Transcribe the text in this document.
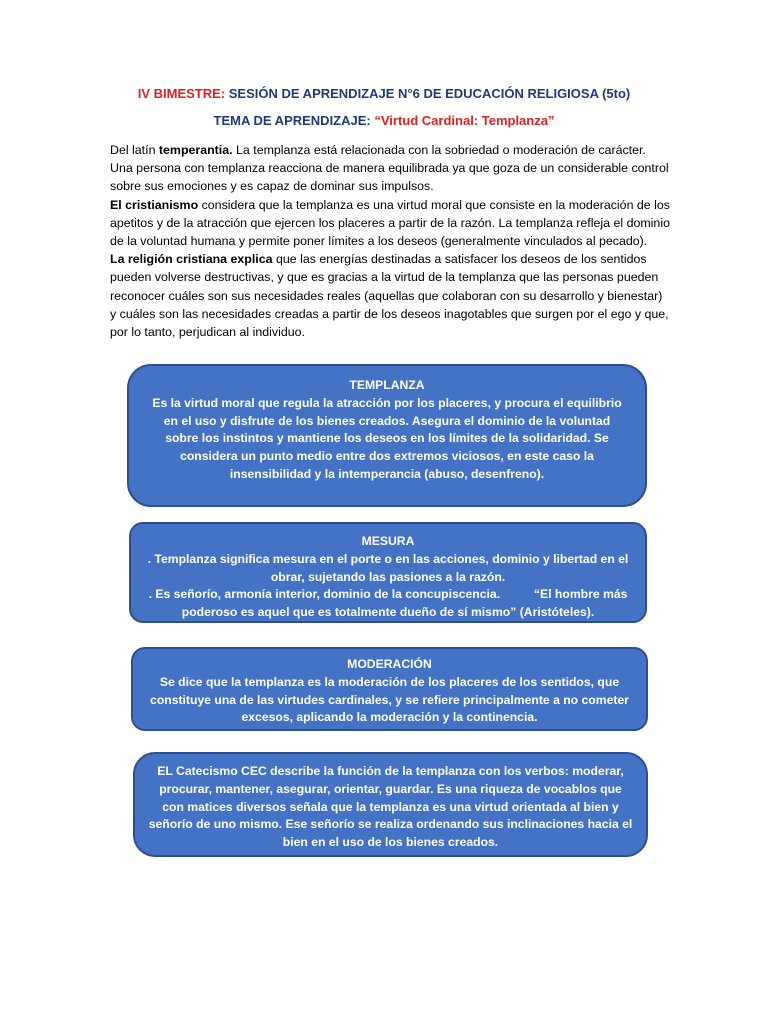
IV BIMESTRE: SESIÓN DE APRENDIZAJE N°6 DE EDUCACIÓN RELIGIOSA (5to)
TEMA DE APRENDIZAJE: “Virtud Cardinal: Templanza”

Del latín temperantia. La templanza está relacionada con la sobriedad o moderación de carácter. Una persona con templanza reacciona de manera equilibrada ya que goza de un considerable control sobre sus emociones y es capaz de dominar sus impulsos.

El cristianismo considera que la templanza es una virtud moral que consiste en la moderación de los apetitos y de la atracción que ejercen los placeres a partir de la razón. La templanza refleja el dominio de la voluntad humana y permite poner límites a los deseos (generalmente vinculados al pecado).

La religión cristiana explica que las energías destinadas a satisfacer los deseos de los sentidos pueden volverse destructivas, y que es gracias a la virtud de la templanza que las personas pueden reconocer cuáles son sus necesidades reales (aquellas que colaboran con su desarrollo y bienestar) y cuáles son las necesidades creadas a partir de los deseos inagotables que surgen por el ego y que, por lo tanto, perjudican al individuo.

TEMPLANZA
Es la virtud moral que regula la atracción por los placeres, y procura el equilibrio
en el uso y disfrute de los bienes creados. Asegura el dominio de la voluntad
sobre los instintos y mantiene los deseos en los límites de la solidaridad. Se
considera un punto medio entre dos extremos viciosos, en este caso la
insensibilidad y la intemperancia (abuso, desenfreno).
MESURA
. Templanza significa mesura en el porte o en las acciones, dominio y libertad en el
obrar, sujetando las pasiones a la razón.
. Es señorío, armonía interior, dominio de la concupiscencia.          “El hombre más
poderoso es aquel que es totalmente dueño de sí mismo” (Aristóteles).
MODERACIÓN
Se dice que la templanza es la moderación de los placeres de los sentidos, que
constituye una de las virtudes cardinales, y se refiere principalmente a no cometer
excesos, aplicando la moderación y la continencia.
EL Catecismo CEC describe la función de la templanza con los verbos: moderar,
procurar, mantener, asegurar, orientar, guardar. Es una riqueza de vocablos que
con matices diversos señala que la templanza es una virtud orientada al bien y
señorío de uno mismo. Ese señorío se realiza ordenando sus inclinaciones hacia el
bien en el uso de los bienes creados.
